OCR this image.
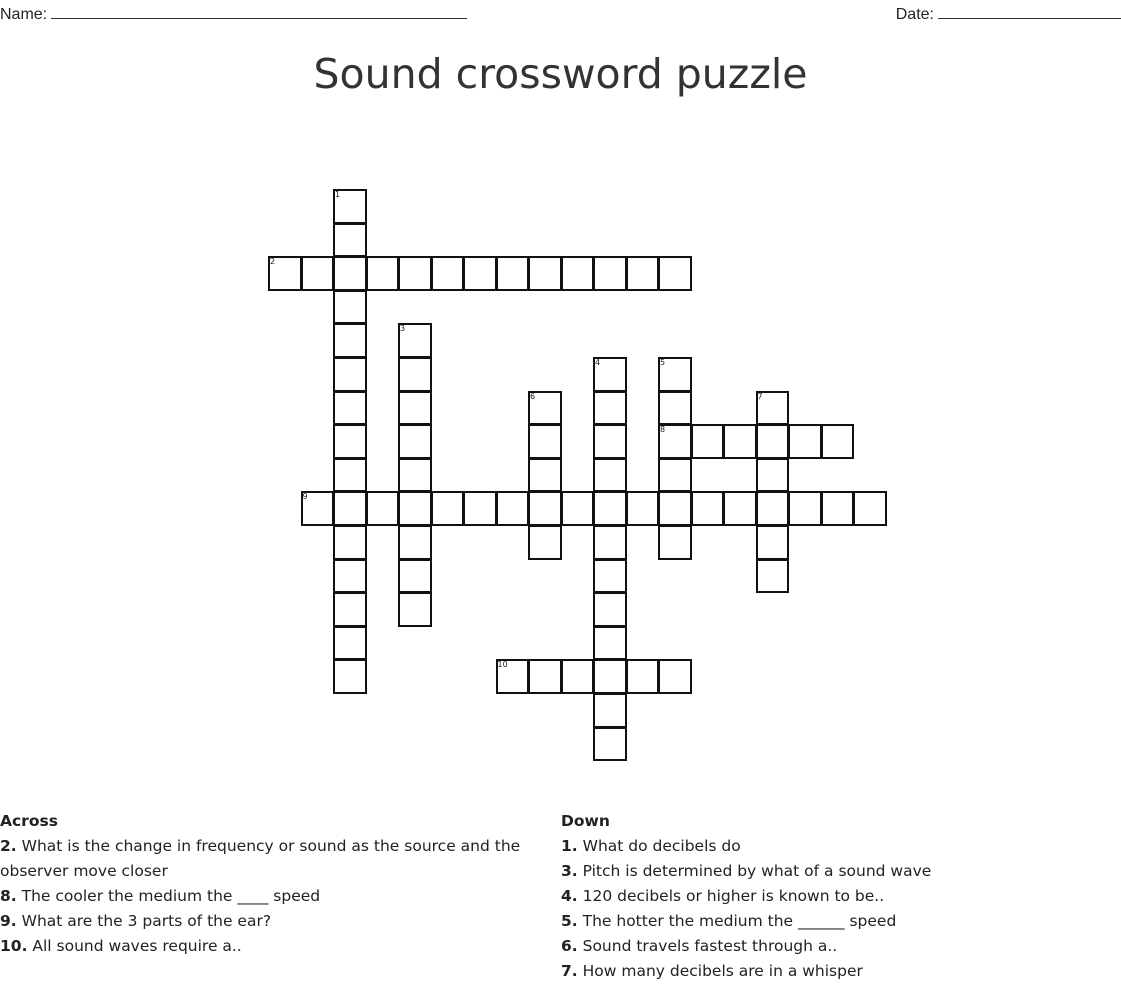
Name:	Date:
Sound crossword puzzle
1
2
3
4	5
6	7
8
9
10
Across
2. What is the change in frequency or sound as the source and the observer move closer
8. The cooler the medium the ____ speed
9. What are the 3 parts of the ear?
10. All sound waves require a..
Down
1. What do decibels do
3. Pitch is determined by what of a sound wave
4. 120 decibels or higher is known to be..
5. The hotter the medium the ______ speed
6. Sound travels fastest through a..
7. How many decibels are in a whisper
